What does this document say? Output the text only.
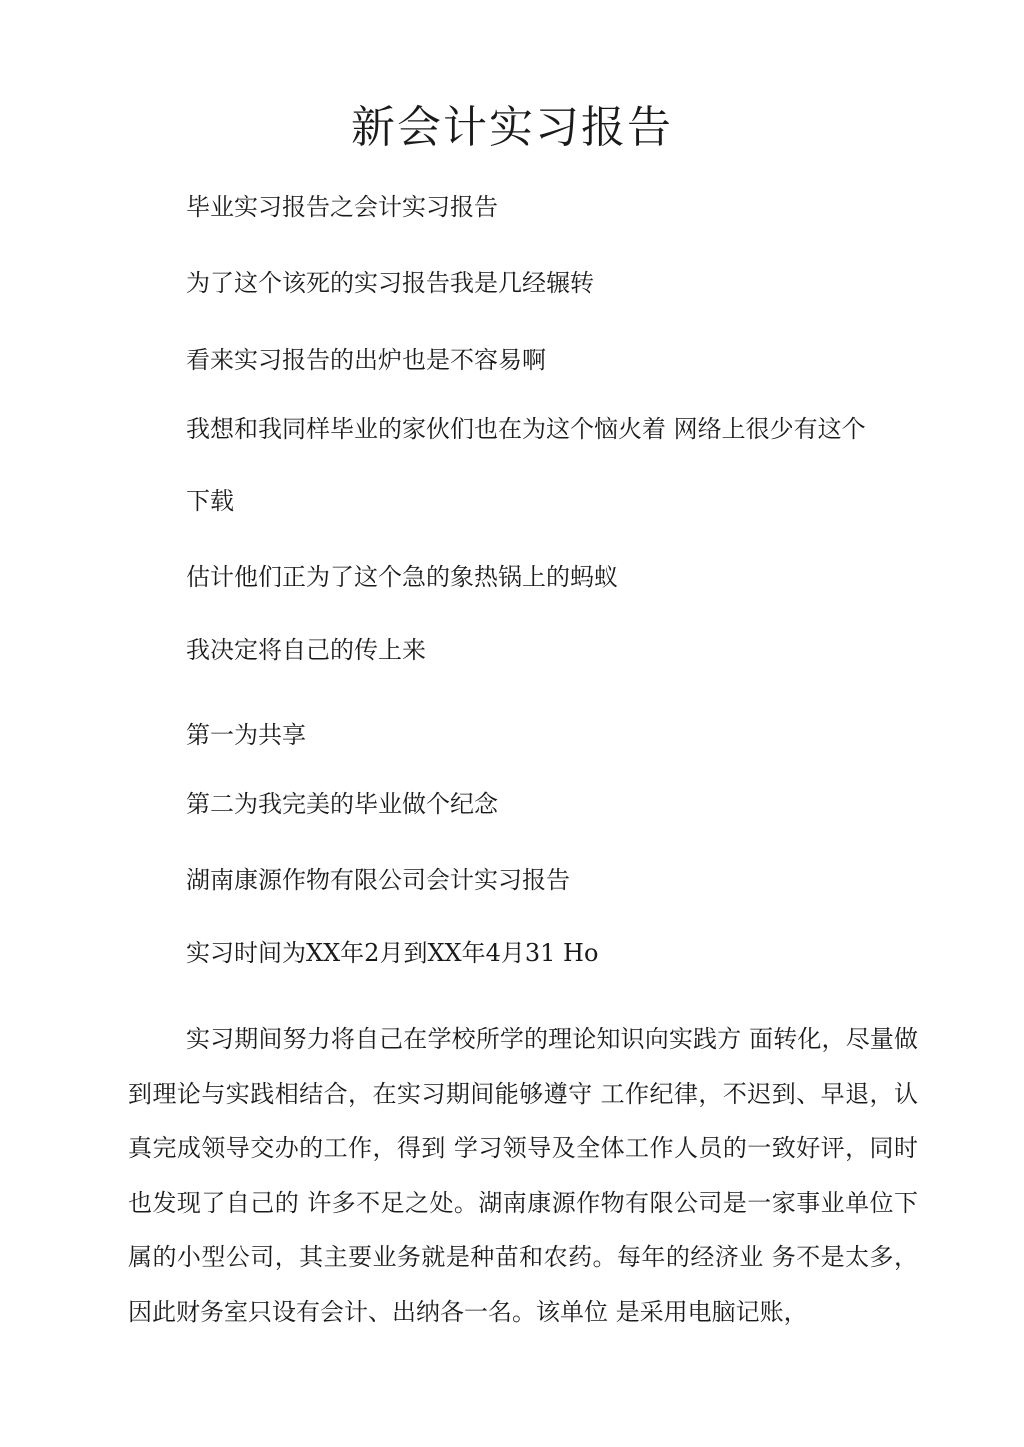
新会计实习报告
毕业实习报告之会计实习报告
为了这个该死的实习报告我是几经辗转
看来实习报告的出炉也是不容易啊
我想和我同样毕业的家伙们也在为这个恼火着 网络上很少有这个
下载
估计他们正为了这个急的象热锅上的蚂蚁
我决定将自己的传上来
第一为共享
第二为我完美的毕业做个纪念
湖南康源作物有限公司会计实习报告
实习时间为XX年2月到XX年4月31 Ho
实习期间努力将自己在学校所学的理论知识向实践方 面转化，尽量做到理论与实践相结合，在实习期间能够遵守 工作纪律，不迟到、早退，认真完成领导交办的工作，得到 学习领导及全体工作人员的一致好评，同时也发现了自己的 许多不足之处。湖南康源作物有限公司是一家事业单位下 属的小型公司，其主要业务就是种苗和农药。每年的经济业 务不是太多，因此财务室只设有会计、出纳各一名。该单位 是采用电脑记账，
